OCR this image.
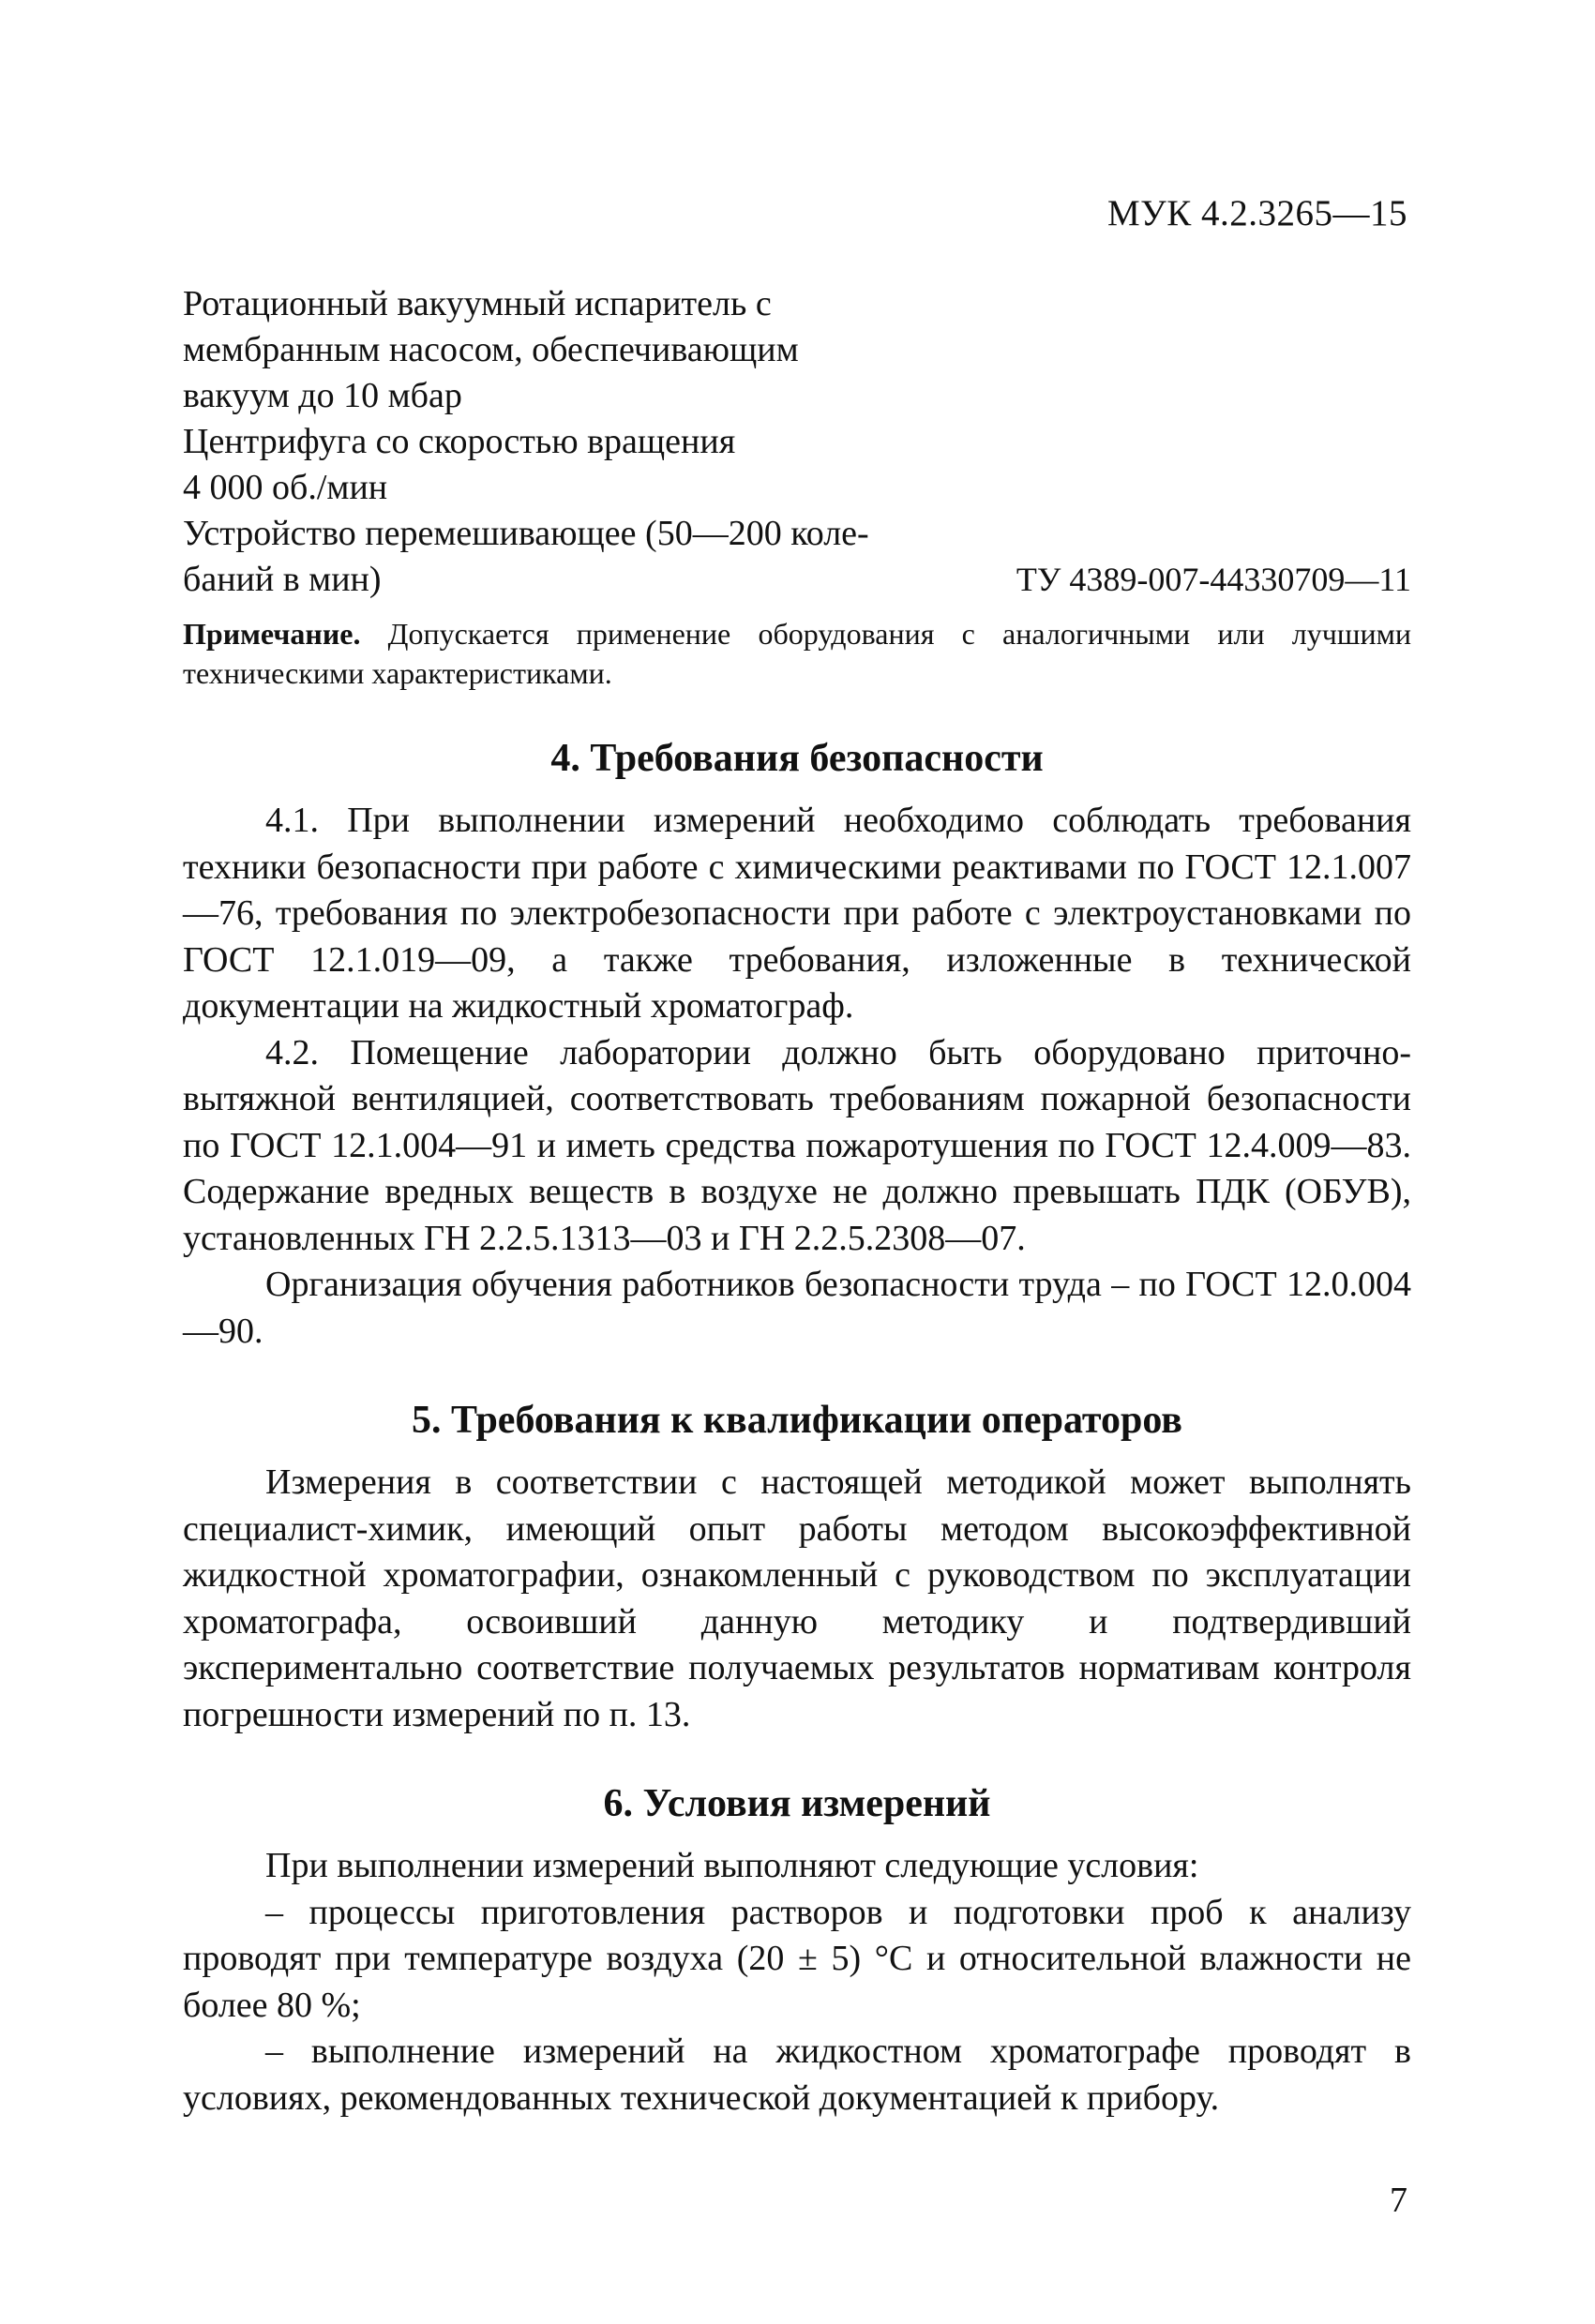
МУК 4.2.3265—15
Ротационный вакуумный испаритель с
мембранным насосом, обеспечивающим
вакуум до 10 мбар
Центрифуга со скоростью вращения
4 000 об./мин
Устройство перемешивающее (50—200 коле-
баний в мин)	ТУ 4389-007-44330709—11

Примечание. Допускается применение оборудования с аналогичными или лучшими техническими характеристиками.

4. Требования безопасности

4.1. При выполнении измерений необходимо соблюдать требования техники безопасности при работе с химическими реактивами по ГОСТ 12.1.007—76, требования по электробезопасности при работе с электроустановками по ГОСТ 12.1.019—09, а также требования, изложенные в технической документации на жидкостный хроматограф.

4.2. Помещение лаборатории должно быть оборудовано приточно-вытяжной вентиляцией, соответствовать требованиям пожарной безопасности по ГОСТ 12.1.004—91 и иметь средства пожаротушения по ГОСТ 12.4.009—83. Содержание вредных веществ в воздухе не должно превышать ПДК (ОБУВ), установленных ГН 2.2.5.1313—03 и ГН 2.2.5.2308—07.

Организация обучения работников безопасности труда – по ГОСТ 12.0.004—90.

5. Требования к квалификации операторов

Измерения в соответствии с настоящей методикой может выполнять специалист-химик, имеющий опыт работы методом высокоэффективной жидкостной хроматографии, ознакомленный с руководством по эксплуатации хроматографа, освоивший данную методику и подтвердивший экспериментально соответствие получаемых результатов нормативам контроля погрешности измерений по п. 13.

6. Условия измерений

При выполнении измерений выполняют следующие условия:

– процессы приготовления растворов и подготовки проб к анализу проводят при температуре воздуха (20 ± 5) °С и относительной влажности не более 80 %;

– выполнение измерений на жидкостном хроматографе проводят в условиях, рекомендованных технической документацией к прибору.

7
